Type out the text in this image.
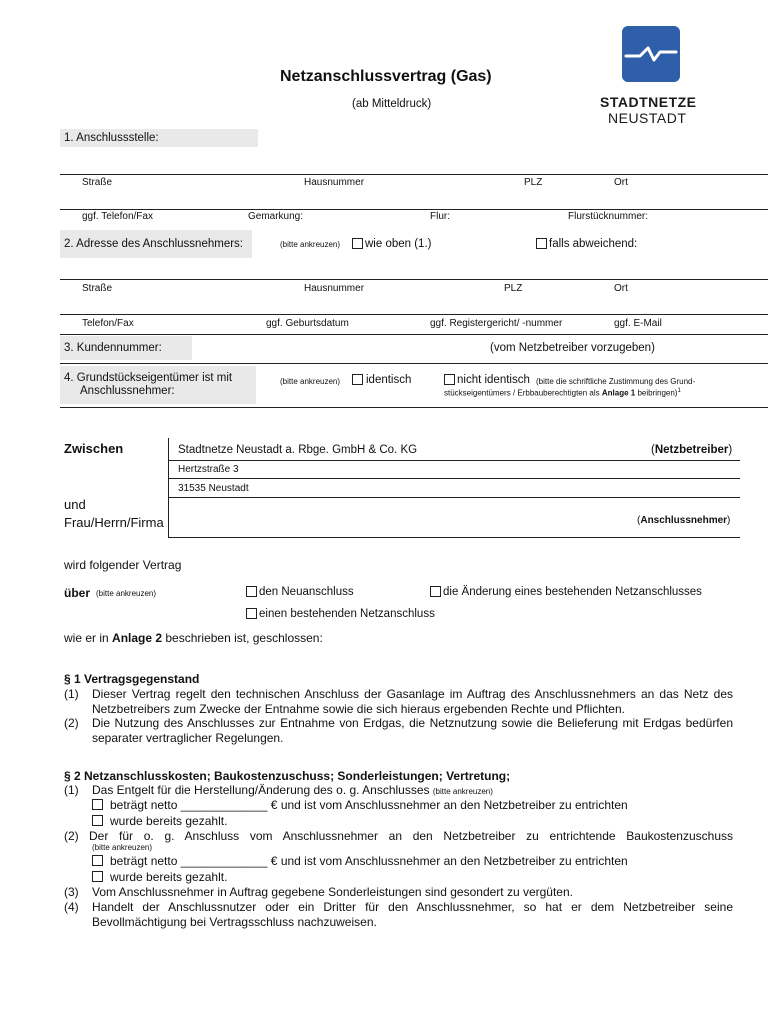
Netzanschlussvertrag (Gas)
(ab Mitteldruck)	STADTNETZE
NEUSTADT
1. Anschlussstelle:
Straße	Hausnummer	PLZ	Ort
ggf. Telefon/Fax	Gemarkung:	Flur:	Flurstücknummer:
2. Adresse des Anschlussnehmers:	(bitte ankreuzen) wie oben (1.)	falls abweichend:
Straße	Hausnummer	PLZ	Ort
Telefon/Fax	ggf. Geburtsdatum	ggf. Registergericht/ -nummer	ggf. E-Mail
3. Kundennummer:	(vom Netzbetreiber vorzugeben)
4. Grundstückseigentümer ist mit
Anschlussnehmer:
(bitte ankreuzen) identisch	nicht identisch (bitte die schriftliche Zustimmung des Grund-
stückseigentümers / Erbbauberechtigten als Anlage 1 beibringen)$^1$
Zwischen	Stadtnetze Neustadt a. Rbge. GmbH & Co. KG	(Netzbetreiber)
Hertzstraße 3
31535 Neustadt
und
Frau/Herrn/Firma	(Anschlussnehmer)
wird folgender Vertrag
über (bitte ankreuzen)	den Neuanschluss	die Änderung eines bestehenden Netzanschlusses
einen bestehenden Netzanschluss
wie er in Anlage 2 beschrieben ist, geschlossen:
§ 1 Vertragsgegenstand
(1) Dieser Vertrag regelt den technischen Anschluss der Gasanlage im Auftrag des Anschlussnehmers an das Netz des Netzbetreibers zum Zwecke der Entnahme sowie die sich hieraus ergebenden Rechte und Pflichten.
(2) Die Nutzung des Anschlusses zur Entnahme von Erdgas, die Netznutzung sowie die Belieferung mit Erdgas bedürfen separater vertraglicher Regelungen.
§ 2 Netzanschlusskosten; Baukostenzuschuss; Sonderleistungen; Vertretung;
(1) Das Entgelt für die Herstellung/Änderung des o. g. Anschlusses (bitte ankreuzen)
beträgt netto _____________ € und ist vom Anschlussnehmer an den Netzbetreiber zu entrichten
wurde bereits gezahlt.
(2) Der für o. g. Anschluss vom Anschlussnehmer an den Netzbetreiber zu entrichtende Baukostenzuschuss
(bitte ankreuzen)
beträgt netto _____________ € und ist vom Anschlussnehmer an den Netzbetreiber zu entrichten
wurde bereits gezahlt.
(3) Vom Anschlussnehmer in Auftrag gegebene Sonderleistungen sind gesondert zu vergüten.
(4) Handelt der Anschlussnutzer oder ein Dritter für den Anschlussnehmer, so hat er dem Netzbetreiber seine Bevollmächtigung bei Vertragsschluss nachzuweisen.
